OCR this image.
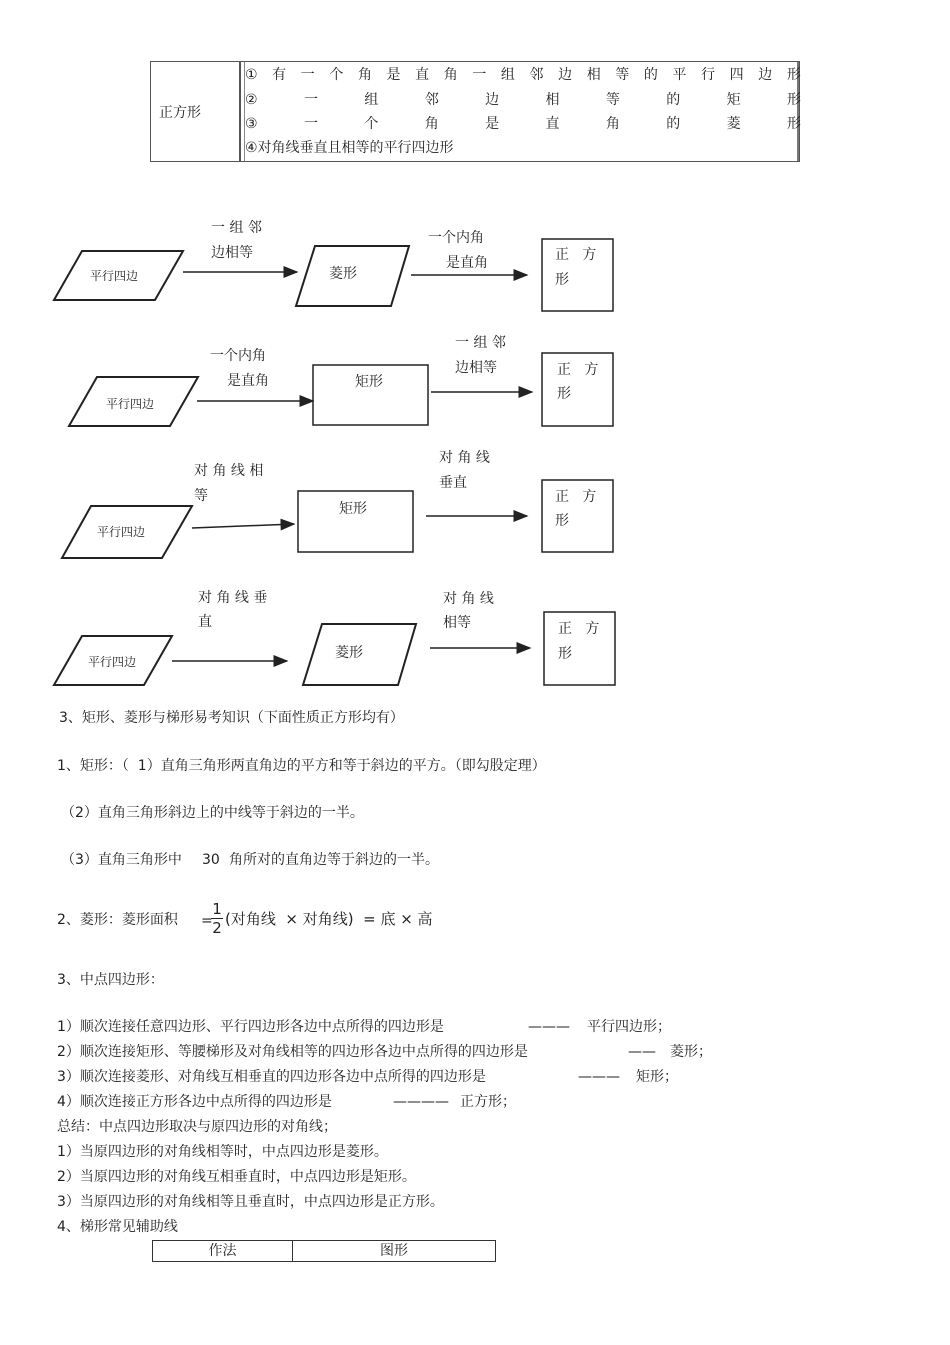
正方形
① 有 一 个 角 是 直 角 一 组 邻 边 相 等 的 平 行 四 边 形
②	一	组	邻	边	相	等	的	矩	形
③	一	个	角	是	直	角	的	菱	形
④对角线垂直且相等的平行四边形
平行四边
一 组 邻
边相等
菱形
一个内角
是直角	正   方
形
平行四边
一个内角
是直角	矩形
一 组 邻
边相等	正   方
形
平行四边
对 角 线 相
等
矩形
对 角 线
垂直
正   方
形
平行四边
对 角 线 垂
直
菱形
对 角 线
相等	正   方
形
3、矩形、菱形与梯形易考知识（下面性质正方形均有）
1、矩形：（  1）直角三角形两直角边的平方和等于斜边的平方。（即勾股定理）
（2）直角三角形斜边上的中线等于斜边的一半。
（3）直角三角形中 30 角所对的直角边等于斜边的一半。
2、菱形：菱形面积 =
1
2 (对角线  × 对角线)  = 底 × 高
3、中点四边形：
1）顺次连接任意四边形、平行四边形各边中点所得的四边形是	——— 平行四边形；
2）顺次连接矩形、等腰梯形及对角线相等的四边形各边中点所得的四边形是	—— 菱形；
3）顺次连接菱形、对角线互相垂直的四边形各边中点所得的四边形是	——— 矩形；
4）顺次连接正方形各边中点所得的四边形是	———— 正方形；
总结：中点四边形取决与原四边形的对角线；
1）当原四边形的对角线相等时，中点四边形是菱形。
2）当原四边形的对角线互相垂直时，中点四边形是矩形。
3）当原四边形的对角线相等且垂直时，中点四边形是正方形。
4、梯形常见辅助线
作法	图形
